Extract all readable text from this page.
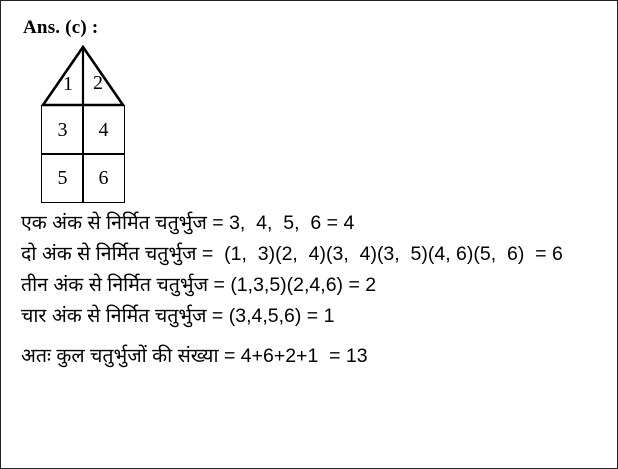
Ans. (c) :
1 2
3	4
5	6
एक अंक से निर्मित चतुर्भुज = 3,  4,  5,  6 = 4
दो अंक से निर्मित चतुर्भुज =  (1,  3)(2,  4)(3,  4)(3,  5)(4, 6)(5,  6)  = 6
तीन अंक से निर्मित चतुर्भुज = (1,3,5)(2,4,6) = 2
चार अंक से निर्मित चतुर्भुज = (3,4,5,6) = 1
अतः कुल चतुर्भुजों की संख्या = 4+6+2+1  = 13
